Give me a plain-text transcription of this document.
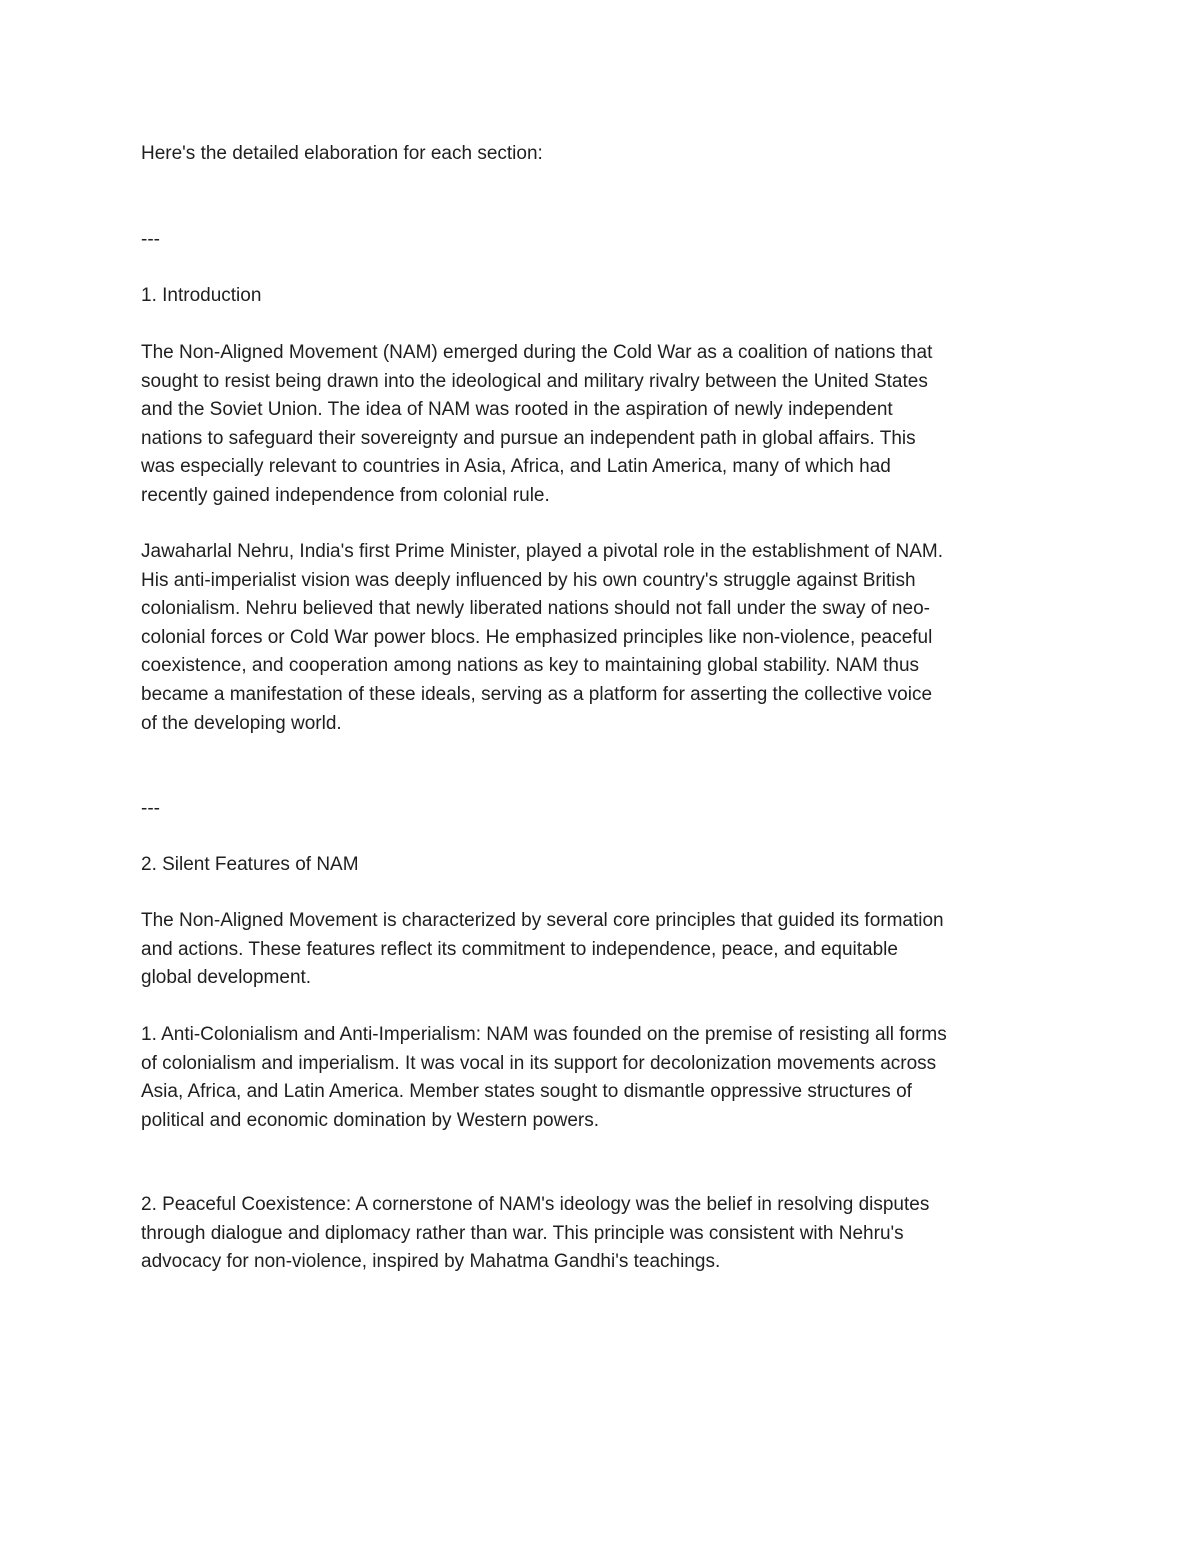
Here's the detailed elaboration for each section:

---

1. Introduction

The Non-Aligned Movement (NAM) emerged during the Cold War as a coalition of nations that
sought to resist being drawn into the ideological and military rivalry between the United States
and the Soviet Union. The idea of NAM was rooted in the aspiration of newly independent
nations to safeguard their sovereignty and pursue an independent path in global affairs. This
was especially relevant to countries in Asia, Africa, and Latin America, many of which had
recently gained independence from colonial rule.

Jawaharlal Nehru, India's first Prime Minister, played a pivotal role in the establishment of NAM.
His anti-imperialist vision was deeply influenced by his own country's struggle against British
colonialism. Nehru believed that newly liberated nations should not fall under the sway of neo-
colonial forces or Cold War power blocs. He emphasized principles like non-violence, peaceful
coexistence, and cooperation among nations as key to maintaining global stability. NAM thus
became a manifestation of these ideals, serving as a platform for asserting the collective voice
of the developing world.

---

2. Silent Features of NAM

The Non-Aligned Movement is characterized by several core principles that guided its formation
and actions. These features reflect its commitment to independence, peace, and equitable
global development.

1. Anti-Colonialism and Anti-Imperialism: NAM was founded on the premise of resisting all forms
of colonialism and imperialism. It was vocal in its support for decolonization movements across
Asia, Africa, and Latin America. Member states sought to dismantle oppressive structures of
political and economic domination by Western powers.

2. Peaceful Coexistence: A cornerstone of NAM's ideology was the belief in resolving disputes
through dialogue and diplomacy rather than war. This principle was consistent with Nehru's
advocacy for non-violence, inspired by Mahatma Gandhi's teachings.
